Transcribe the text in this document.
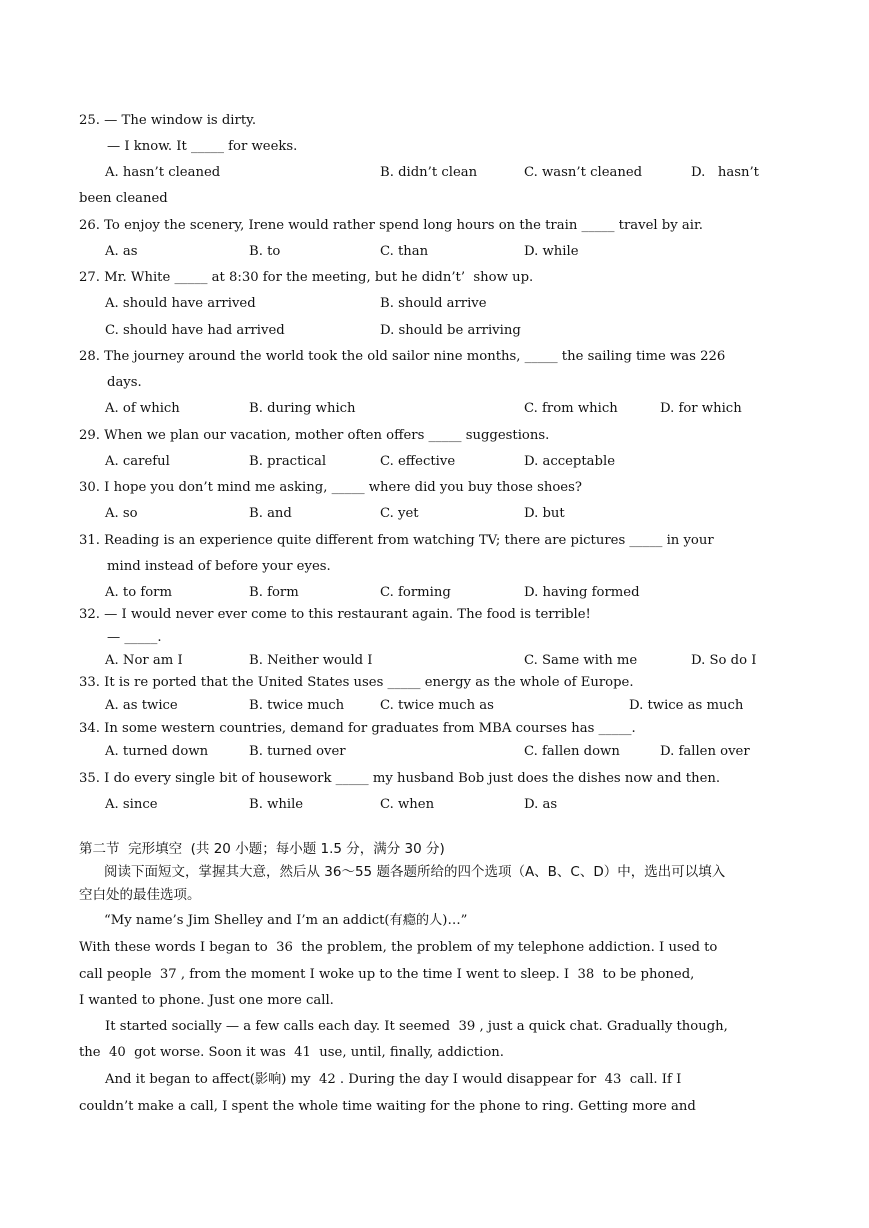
25. — The window is dirty.
— I know. It _____ for weeks.
A. hasn’t cleaned	B. didn’t clean	C. wasn’t cleaned	D.   hasn’t
been cleaned
26. To enjoy the scenery, Irene would rather spend long hours on the train _____ travel by air.
A. as	B. to	C. than	D. while
27. Mr. White _____ at 8:30 for the meeting, but he didn’t’  show up.
A. should have arrived	B. should arrive
C. should have had arrived	D. should be arriving
28. The journey around the world took the old sailor nine months, _____ the sailing time was 226
days.
A. of which	B. during which	C. from which	D. for which
29. When we plan our vacation, mother often offers _____ suggestions.
A. careful	B. practical	C. effective	D. acceptable
30. I hope you don’t mind me asking, _____ where did you buy those shoes?
A. so	B. and	C. yet	D. but
31. Reading is an experience quite different from watching TV; there are pictures _____ in your
mind instead of before your eyes.
A. to form	B. form	C. forming	D. having formed
32. — I would never ever come to this restaurant again. The food is terrible!
— _____.
A. Nor am I	B. Neither would I	C. Same with me	D. So do I
33. It is re ported that the United States uses _____ energy as the whole of Europe.
A. as twice	B. twice much	C. twice much as	D. twice as much
34. In some western countries, demand for graduates from MBA courses has _____.
A. turned down	B. turned over	C. fallen down	D. fallen over
35. I do every single bit of housework _____ my husband Bob just does the dishes now and then.
A. since	B. while	C. when	D. as
第二节  完形填空  (共 20 小题；每小题 1.5 分，满分 30 分)
阅读下面短文，掌握其大意，然后从 36～55 题各题所给的四个选项（A、B、C、D）中，选出可以填入
空白处的最佳选项。
“My name’s Jim Shelley and I’m an addict(有瘾的人)…”
With these words I began to  36  the problem, the problem of my telephone addiction. I used to
call people  37 , from the moment I woke up to the time I went to sleep. I  38  to be phoned,
I wanted to phone. Just one more call.
It started socially — a few calls each day. It seemed  39 , just a quick chat. Gradually though,
the  40  got worse. Soon it was  41  use, until, finally, addiction.
And it began to affect(影响) my  42 . During the day I would disappear for  43  call. If I
couldn’t make a call, I spent the whole time waiting for the phone to ring. Getting more and
